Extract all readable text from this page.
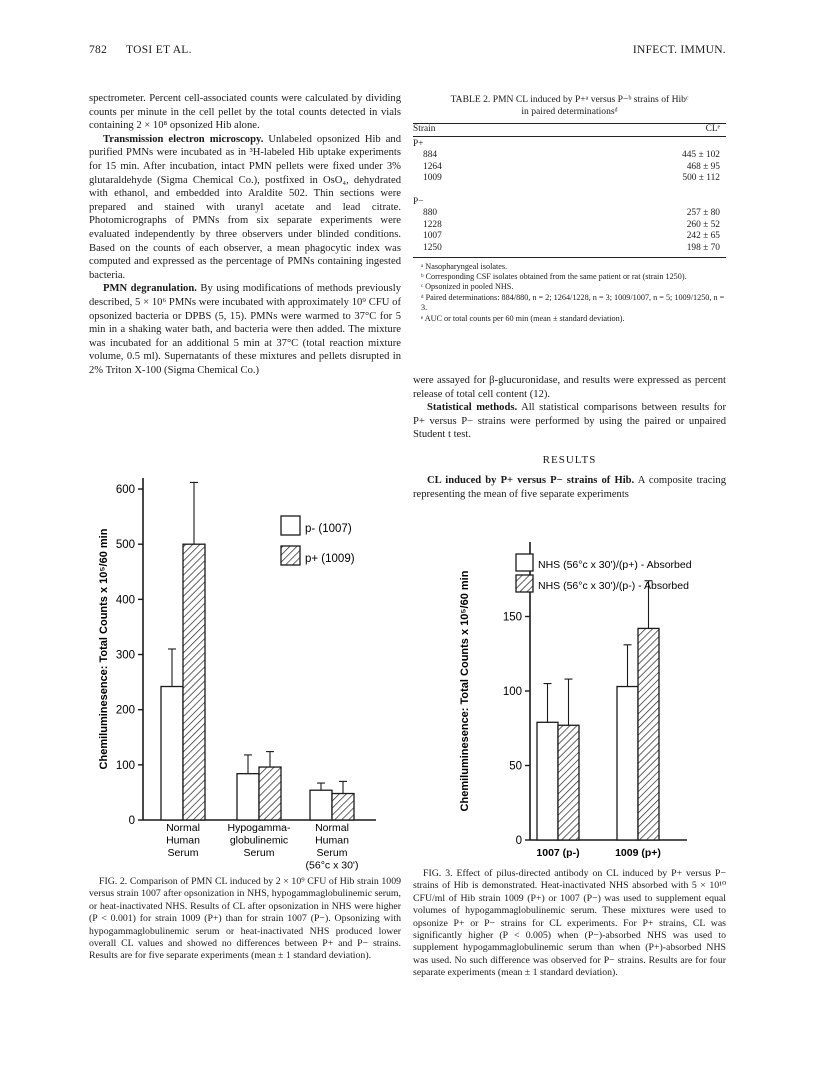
782 TOSI ET AL.	INFECT. IMMUN.

spectrometer. Percent cell-associated counts were calculated by dividing counts per minute in the cell pellet by the total counts detected in vials containing 2 × 10⁸ opsonized Hib alone.

Transmission electron microscopy. Unlabeled opsonized Hib and purified PMNs were incubated as in ³H-labeled Hib uptake experiments for 15 min. After incubation, intact PMN pellets were fixed under 3% glutaraldehyde (Sigma Chemical Co.), postfixed in OsO₄, dehydrated with ethanol, and embedded into Araldite 502. Thin sections were prepared and stained with uranyl acetate and lead citrate. Photomicrographs of PMNs from six separate experiments were evaluated independently by three observers under blinded conditions. Based on the counts of each observer, a mean phagocytic index was computed and expressed as the percentage of PMNs containing ingested bacteria.

PMN degranulation. By using modifications of methods previously described, 5 × 10⁶ PMNs were incubated with approximately 10⁹ CFU of opsonized bacteria or DPBS (5, 15). PMNs were warmed to 37°C for 5 min in a shaking water bath, and bacteria were then added. The mixture was incubated for an additional 5 min at 37°C (total reaction mixture volume, 0.5 ml). Supernatants of these mixtures and pellets disrupted in 2% Triton X-100 (Sigma Chemical Co.)

TABLE 2. PMN CL induced by P+ᵃ versus P−ᵇ strains of Hibᶜ
in paired determinationsᵈ
Strain	CLᵉ
P+	
884	445 ± 102
1264	468 ± 95
1009	500 ± 112

P−	
880	257 ± 80
1228	260 ± 52
1007	242 ± 65
1250	198 ± 70

ᵃ Nasopharyngeal isolates.

ᵇ Corresponding CSF isolates obtained from the same patient or rat (strain 1250).

ᶜ Opsonized in pooled NHS.

ᵈ Paired determinations: 884/880, n = 2; 1264/1228, n = 3; 1009/1007, n = 5; 1009/1250, n = 3.

ᵉ AUC or total counts per 60 min (mean ± standard deviation).

were assayed for β-glucuronidase, and results were expressed as percent release of total cell content (12).

Statistical methods. All statistical comparisons between results for P+ versus P− strains were performed by using the paired or unpaired Student t test.

RESULTS

CL induced by P+ versus P− strains of Hib. A composite tracing representing the mean of five separate experiments

0
100
200
300
400
500
600
Chemiluminesence: Total Counts x 10⁵/60 min	p- (1007)
p+ (1009)
Normal
Human
Serum
Hypogamma-
globulinemic
Serum
Normal
Human
Serum
(56°c x 30')

FIG. 2. Comparison of PMN CL induced by 2 × 10⁹ CFU of Hib strain 1009 versus strain 1007 after opsonization in NHS, hypogammaglobulinemic serum, or heat-inactivated NHS. Results of CL after opsonization in NHS were higher (P < 0.001) for strain 1009 (P+) than for strain 1007 (P−). Opsonizing with hypogammaglobulinemic serum or heat-inactivated NHS produced lower overall CL values and showed no differences between P+ and P− strains. Results are for five separate experiments (mean ± 1 standard deviation).

0
50
100
150
Chemiluminesence: Total Counts x 10⁵/60 min
NHS (56°c x 30')/(p+) - Absorbed
NHS (56°c x 30')/(p-) - Absorbed
1007 (p-)	1009 (p+)

FIG. 3. Effect of pilus-directed antibody on CL induced by P+ versus P− strains of Hib is demonstrated. Heat-inactivated NHS absorbed with 5 × 10¹⁰ CFU/ml of Hib strain 1009 (P+) or 1007 (P−) was used to supplement equal volumes of hypogammaglobulinemic serum. These mixtures were used to opsonize P+ or P− strains for CL experiments. For P+ strains, CL was significantly higher (P < 0.005) when (P−)-absorbed NHS was used to supplement hypogammaglobulinemic serum than when (P+)-absorbed NHS was used. No such difference was observed for P− strains. Results are for four separate experiments (mean ± 1 standard deviation).
